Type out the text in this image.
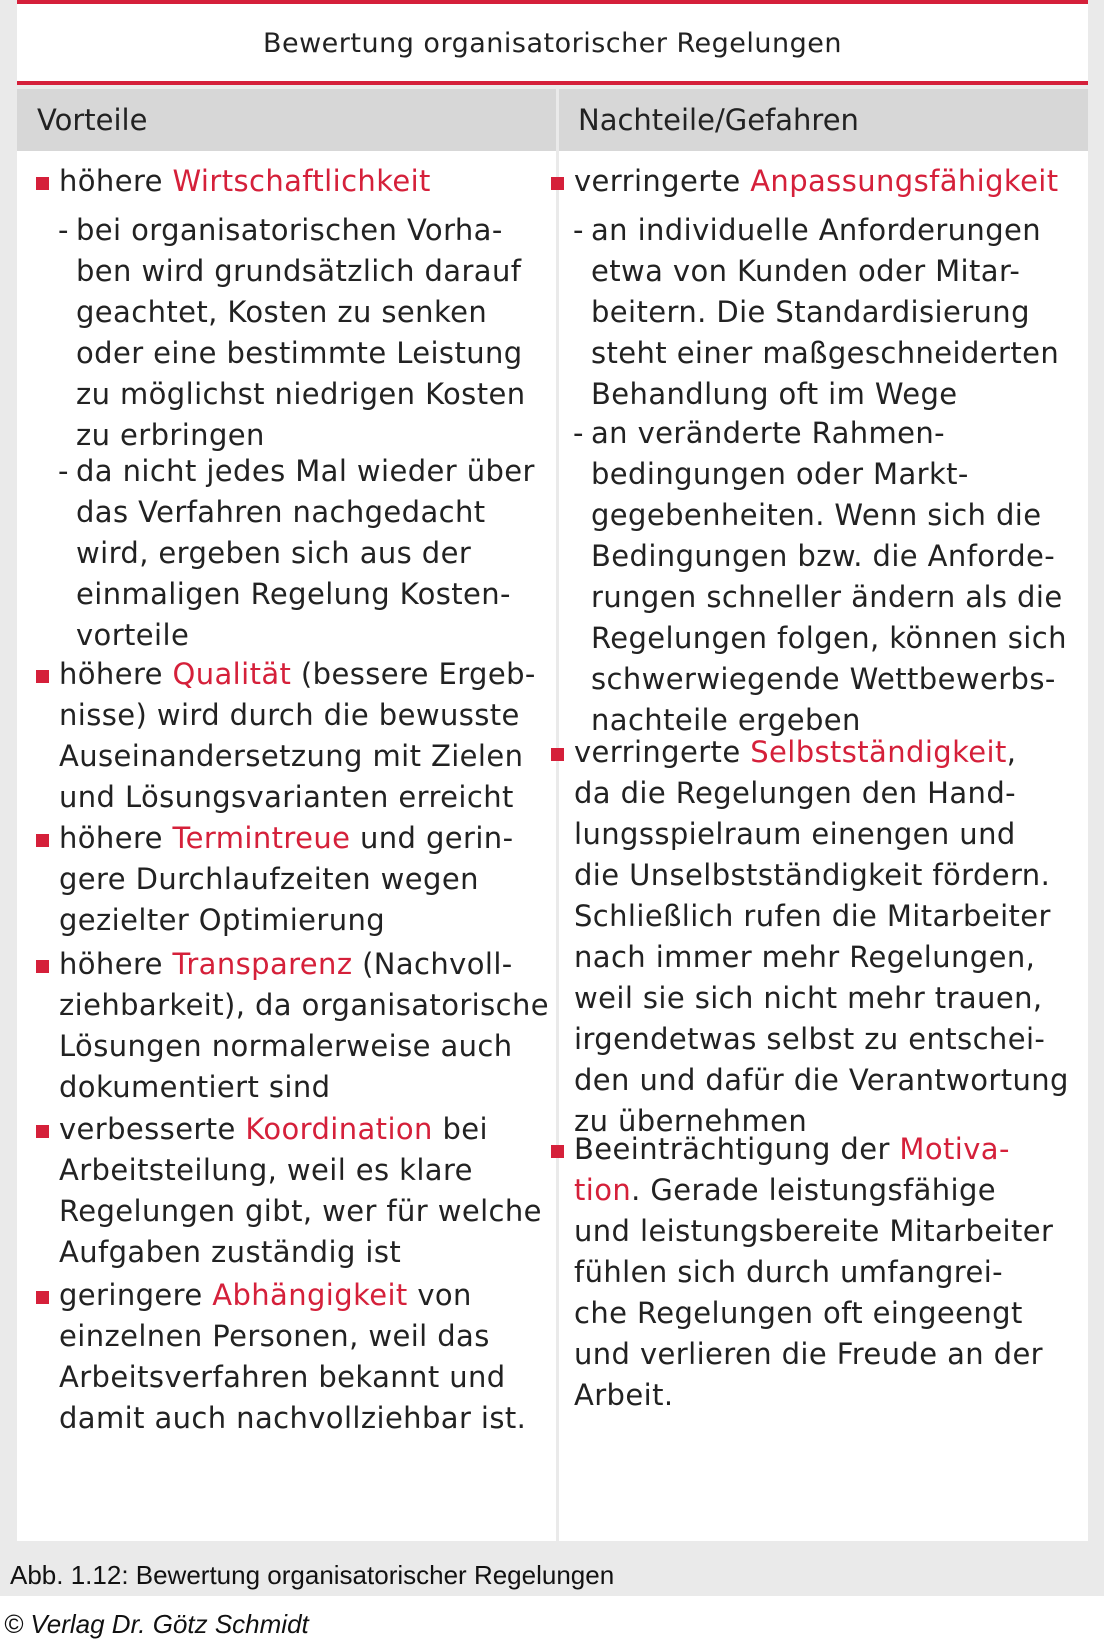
Bewertung organisatorischer Regelungen
Vorteile	Nachteile/Gefahren
höhere Wirtschaftlichkeit
- bei organisatorischen Vorha-
ben wird grundsätzlich darauf
geachtet, Kosten zu senken
oder eine bestimmte Leistung
zu möglichst niedrigen Kosten
zu erbringen
- da nicht jedes Mal wieder über
das Verfahren nachgedacht
wird, ergeben sich aus der
einmaligen Regelung Kosten-
vorteile
höhere Qualität (bessere Ergeb-
nisse) wird durch die bewusste
Auseinandersetzung mit Zielen
und Lösungsvarianten erreicht
höhere Termintreue und gerin-
gere Durchlaufzeiten wegen
gezielter Optimierung
höhere Transparenz (Nachvoll-
ziehbarkeit), da organisatorische
Lösungen normalerweise auch
dokumentiert sind
verbesserte Koordination bei
Arbeitsteilung, weil es klare
Regelungen gibt, wer für welche
Aufgaben zuständig ist
geringere Abhängigkeit von
einzelnen Personen, weil das
Arbeitsverfahren bekannt und
damit auch nachvollziehbar ist.
verringerte Anpassungsfähigkeit
- an individuelle Anforderungen
etwa von Kunden oder Mitar-
beitern. Die Standardisierung
steht einer maßgeschneiderten
Behandlung oft im Wege
- an veränderte Rahmen-
bedingungen oder Markt-
gegebenheiten. Wenn sich die
Bedingungen bzw. die Anforde-
rungen schneller ändern als die
Regelungen folgen, können sich
schwerwiegende Wettbewerbs-
nachteile ergeben
verringerte Selbstständigkeit,
da die Regelungen den Hand-
lungsspielraum einengen und
die Unselbstständigkeit fördern.
Schließlich rufen die Mitarbeiter
nach immer mehr Regelungen,
weil sie sich nicht mehr trauen,
irgendetwas selbst zu entschei-
den und dafür die Verantwortung
zu übernehmen
Beeinträchtigung der Motiva-
tion. Gerade leistungsfähige
und leistungsbereite Mitarbeiter
fühlen sich durch umfangrei-
che Regelungen oft eingeengt
und verlieren die Freude an der
Arbeit.
Abb. 1.12: Bewertung organisatorischer Regelungen
© Verlag Dr. Götz Schmidt
